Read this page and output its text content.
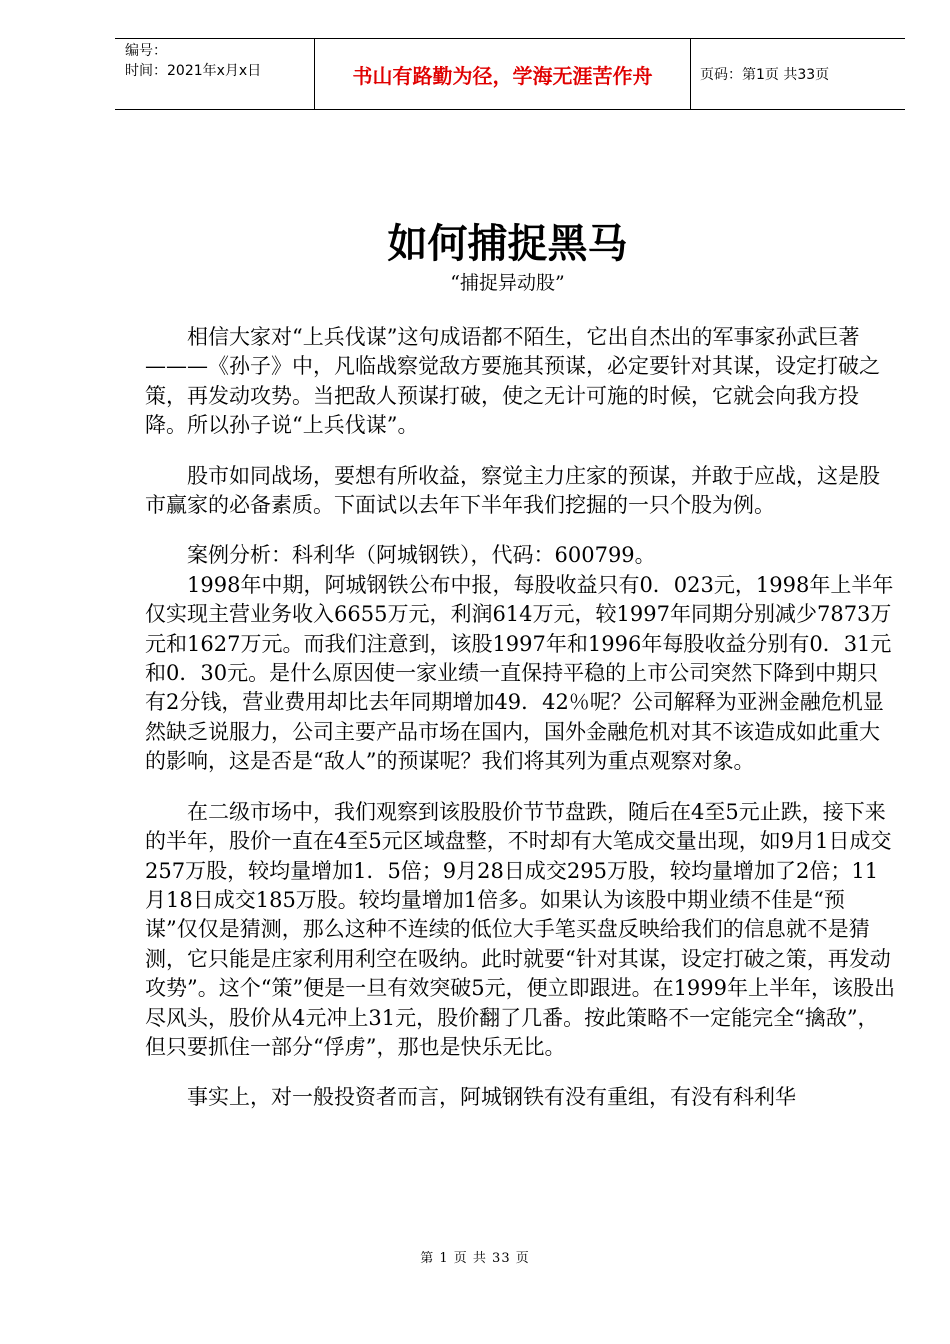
编号：
时间：2021年x月x日	书山有路勤为径，学海无涯苦作舟	页码：第1页 共33页
如何捕捉黑马
“捕捉异动股”

相信大家对“上兵伐谋”这句成语都不陌生，它出自杰出的军事家孙武巨著———《孙子》中，凡临战察觉敌方要施其预谋，必定要针对其谋，设定打破之策，再发动攻势。当把敌人预谋打破，使之无计可施的时候，它就会向我方投降。所以孙子说“上兵伐谋”。

股市如同战场，要想有所收益，察觉主力庄家的预谋，并敢于应战，这是股市赢家的必备素质。下面试以去年下半年我们挖掘的一只个股为例。

案例分析：科利华（阿城钢铁），代码：600799。

1998年中期，阿城钢铁公布中报，每股收益只有0．023元，1998年上半年仅实现主营业务收入6655万元，利润614万元，较1997年同期分别减少7873万元和1627万元。而我们注意到，该股1997年和1996年每股收益分别有0．31元和0．30元。是什么原因使一家业绩一直保持平稳的上市公司突然下降到中期只有2分钱，营业费用却比去年同期增加49．42％呢？公司解释为亚洲金融危机显然缺乏说服力，公司主要产品市场在国内，国外金融危机对其不该造成如此重大的影响，这是否是“敌人”的预谋呢？我们将其列为重点观察对象。

在二级市场中，我们观察到该股股价节节盘跌，随后在4至5元止跌，接下来的半年，股价一直在4至5元区域盘整，不时却有大笔成交量出现，如9月1日成交257万股，较均量增加1．5倍；9月28日成交295万股，较均量增加了2倍；11月18日成交185万股。较均量增加1倍多。如果认为该股中期业绩不佳是“预谋”仅仅是猜测，那么这种不连续的低位大手笔买盘反映给我们的信息就不是猜测，它只能是庄家利用利空在吸纳。此时就要“针对其谋，设定打破之策，再发动攻势”。这个“策”便是一旦有效突破5元，便立即跟进。在1999年上半年，该股出尽风头，股价从4元冲上31元，股价翻了几番。按此策略不一定能完全“擒敌”，但只要抓住一部分“俘虏”，那也是快乐无比。

事实上，对一般投资者而言，阿城钢铁有没有重组，有没有科利华

第 1 页 共 33 页
